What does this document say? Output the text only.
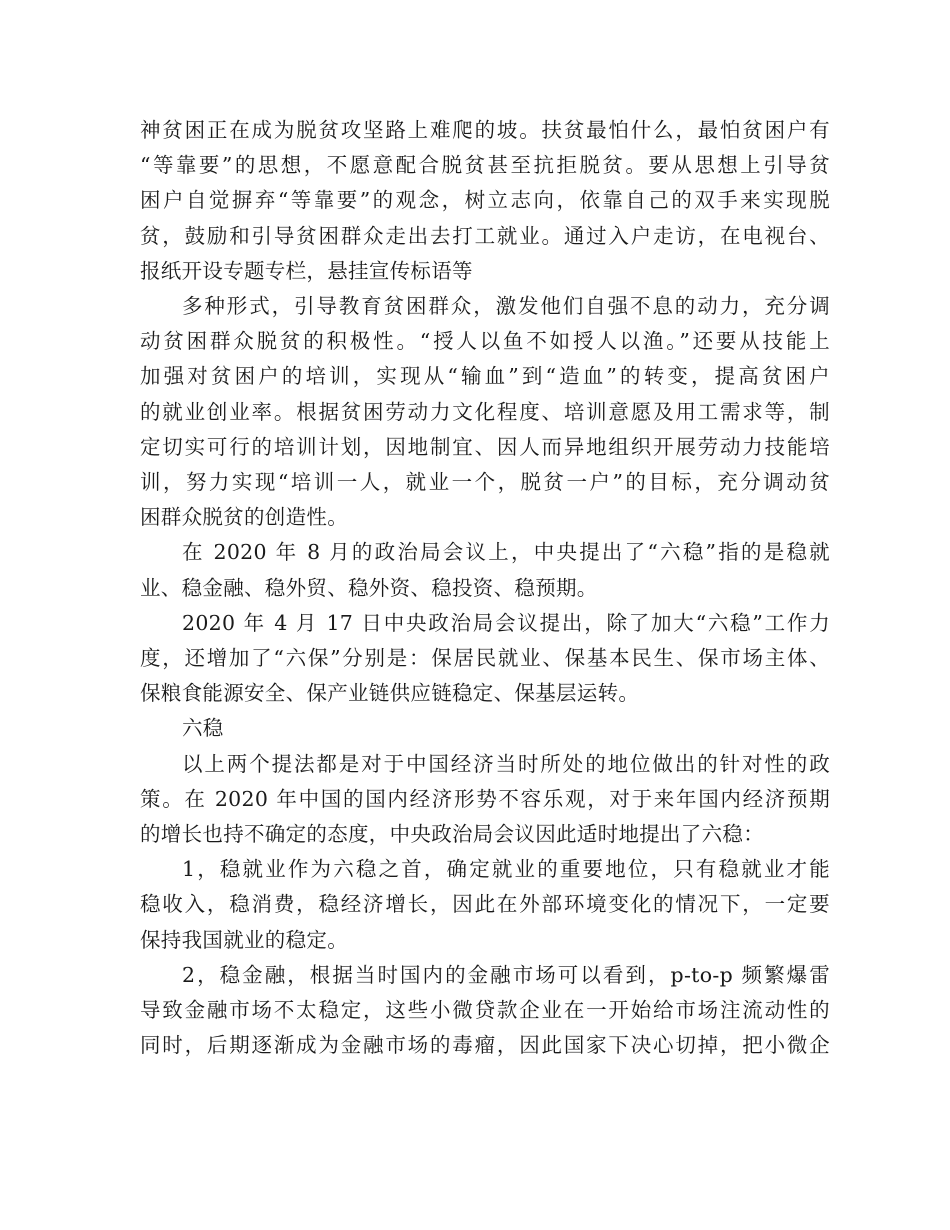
神贫困正在成为脱贫攻坚路上难爬的坡。扶贫最怕什么，最怕贫困户有
“等靠要”的思想，不愿意配合脱贫甚至抗拒脱贫。要从思想上引导贫
困户自觉摒弃“等靠要”的观念，树立志向，依靠自己的双手来实现脱
贫，鼓励和引导贫困群众走出去打工就业。通过入户走访，在电视台、
报纸开设专题专栏，悬挂宣传标语等
多种形式，引导教育贫困群众，激发他们自强不息的动力，充分调
动贫困群众脱贫的积极性。“授人以鱼不如授人以渔。”还要从技能上
加强对贫困户的培训，实现从“输血”到“造血”的转变，提高贫困户
的就业创业率。根据贫困劳动力文化程度、培训意愿及用工需求等，制
定切实可行的培训计划，因地制宜、因人而异地组织开展劳动力技能培
训，努力实现“培训一人，就业一个，脱贫一户”的目标，充分调动贫
困群众脱贫的创造性。
在 2020 年 8 月的政治局会议上，中央提出了“六稳”指的是稳就
业、稳金融、稳外贸、稳外资、稳投资、稳预期。
2020 年 4 月 17 日中央政治局会议提出，除了加大“六稳”工作力
度，还增加了“六保”分别是：保居民就业、保基本民生、保市场主体、
保粮食能源安全、保产业链供应链稳定、保基层运转。
六稳
以上两个提法都是对于中国经济当时所处的地位做出的针对性的政
策。在 2020 年中国的国内经济形势不容乐观，对于来年国内经济预期
的增长也持不确定的态度，中央政治局会议因此适时地提出了六稳：
1，稳就业作为六稳之首，确定就业的重要地位，只有稳就业才能
稳收入，稳消费，稳经济增长，因此在外部环境变化的情况下，一定要
保持我国就业的稳定。
2，稳金融，根据当时国内的金融市场可以看到，p-to-p 频繁爆雷
导致金融市场不太稳定，这些小微贷款企业在一开始给市场注流动性的
同时，后期逐渐成为金融市场的毒瘤，因此国家下决心切掉，把小微企
